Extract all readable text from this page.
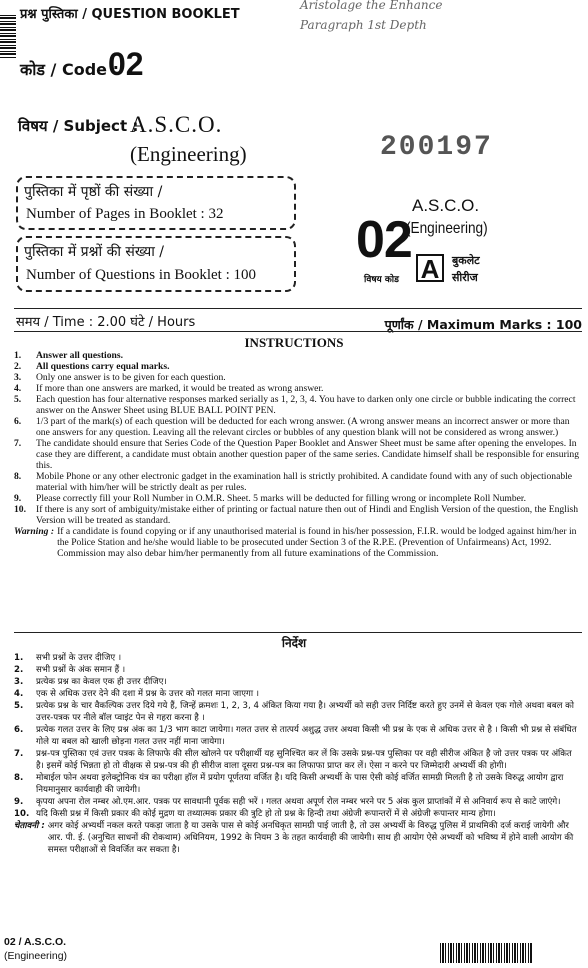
प्रश्न पुस्तिका / QUESTION BOOKLET
Aristolage the Enhance
Paragraph 1st Depth
कोड / Code :
02
विषय / Subject :
A.S.C.O.
(Engineering)	200197
पुस्तिका में पृष्ठों की संख्या /
Number of Pages in Booklet : 32
पुस्तिका में प्रश्नों की संख्या /
Number of Questions in Booklet : 100
02
विषय कोड
A.S.C.O.
(Engineering)
A	बुकलेट
सीरीज
समय / Time : 2.00 घंटे / Hours	पूर्णांक / Maximum Marks : 100
INSTRUCTIONS
1.	Answer all questions.
2.	All questions carry equal marks.
3.	Only one answer is to be given for each question.
4.	If more than one answers are marked, it would be treated as wrong answer.
5.	Each question has four alternative responses marked serially as 1, 2, 3, 4. You have to darken only one circle or bubble indicating the correct answer on the Answer Sheet using BLUE BALL POINT PEN.
6.	1/3 part of the mark(s) of each question will be deducted for each wrong answer. (A wrong answer means an incorrect answer or more than one answers for any question. Leaving all the relevant circles or bubbles of any question blank will not be considered as wrong answer.)
7.	The candidate should ensure that Series Code of the Question Paper Booklet and Answer Sheet must be same after opening the envelopes. In case they are different, a candidate must obtain another question paper of the same series. Candidate himself shall be responsible for ensuring this.
8.	Mobile Phone or any other electronic gadget in the examination hall is strictly prohibited. A candidate found with any of such objectionable material with him/her will be strictly dealt as per rules.
9.	Please correctly fill your Roll Number in O.M.R. Sheet. 5 marks will be deducted for filling wrong or incomplete Roll Number.
10.	If there is any sort of ambiguity/mistake either of printing or factual nature then out of Hindi and English Version of the question, the English Version will be treated as standard.
Warning : If a candidate is found copying or if any unauthorised material is found in his/her possession, F.I.R. would be lodged against him/her in the Police Station and he/she would liable to be prosecuted under Section 3 of the R.P.E. (Prevention of Unfairmeans) Act, 1992. Commission may also debar him/her permanently from all future examinations of the Commission.
निर्देश
1.	सभी प्रश्नों के उत्तर दीजिए ।
2.	सभी प्रश्नों के अंक समान हैं ।
3.	प्रत्येक प्रश्न का केवल एक ही उत्तर दीजिए।
4.	एक से अधिक उत्तर देने की दशा में प्रश्न के उत्तर को गलत माना जाएगा ।
5.	प्रत्येक प्रश्न के चार वैकल्पिक उत्तर दिये गये हैं, जिन्हें क्रमशः 1, 2, 3, 4 अंकित किया गया है। अभ्यर्थी को सही उत्तर निर्दिष्ट करते हुए उनमें से केवल एक गोले अथवा बबल को उत्तर-पत्रक पर नीले बॉल प्वाइंट पेन से गहरा करना है ।
6.	प्रत्येक गलत उत्तर के लिए प्रश्न अंक का 1/3 भाग काटा जायेगा। गलत उत्तर से तात्पर्य अशुद्ध उत्तर अथवा किसी भी प्रश्न के एक से अधिक उत्तर से है । किसी भी प्रश्न से संबंधित गोले या बबल को खाली छोड़ना गलत उत्तर नहीं माना जायेगा।
7.	प्रश्न-पत्र पुस्तिका एवं उत्तर पत्रक के लिफाफे की सील खोलने पर परीक्षार्थी यह सुनिश्चित कर लें कि उसके प्रश्न-पत्र पुस्तिका पर वही सीरीज अंकित है जो उत्तर पत्रक पर अंकित है। इसमें कोई भिन्नता हो तो वीक्षक से प्रश्न-पत्र की ही सीरीज वाला दूसरा प्रश्न-पत्र का लिफाफा प्राप्त कर लें। ऐसा न करने पर जिम्मेदारी अभ्यर्थी की होगी।
8.	मोबाईल फोन अथवा इलेक्ट्रोनिक यंत्र का परीक्षा हॉल में प्रयोग पूर्णतया वर्जित है। यदि किसी अभ्यर्थी के पास ऐसी कोई वर्जित सामग्री मिलती है तो उसके विरुद्ध आयोग द्वारा नियमानुसार कार्यवाही की जायेगी।
9.	कृपया अपना रोल नम्बर ओ.एम.आर. पत्रक पर सावधानी पूर्वक सही भरें । गलत अथवा अपूर्ण रोल नम्बर भरने पर 5 अंक कुल प्राप्तांकों में से अनिवार्य रूप से काटे जाएंगे।
10. यदि किसी प्रश्न में किसी प्रकार की कोई मुद्रण या तथ्यात्मक प्रकार की त्रुटि हो तो प्रश्न के हिन्दी तथा अंग्रेजी रूपान्तरों में से अंग्रेजी रूपान्तर मान्य होगा।
चेतावनी : अगर कोई अभ्यर्थी नकल करते पकड़ा जाता है या उसके पास से कोई अनधिकृत सामग्री पाई जाती है, तो उस अभ्यर्थी के विरुद्ध पुलिस में प्राथमिकी दर्ज कराई जायेगी और आर. पी. ई. (अनुचित साधनों की रोकथाम) अधिनियम, 1992 के नियम 3 के तहत कार्यवाही की जायेगी। साथ ही आयोग ऐसे अभ्यर्थी को भविष्य में होने वाली आयोग की समस्त परीक्षाओं से विवर्जित कर सकता है।
02 / A.S.C.O.
(Engineering)
